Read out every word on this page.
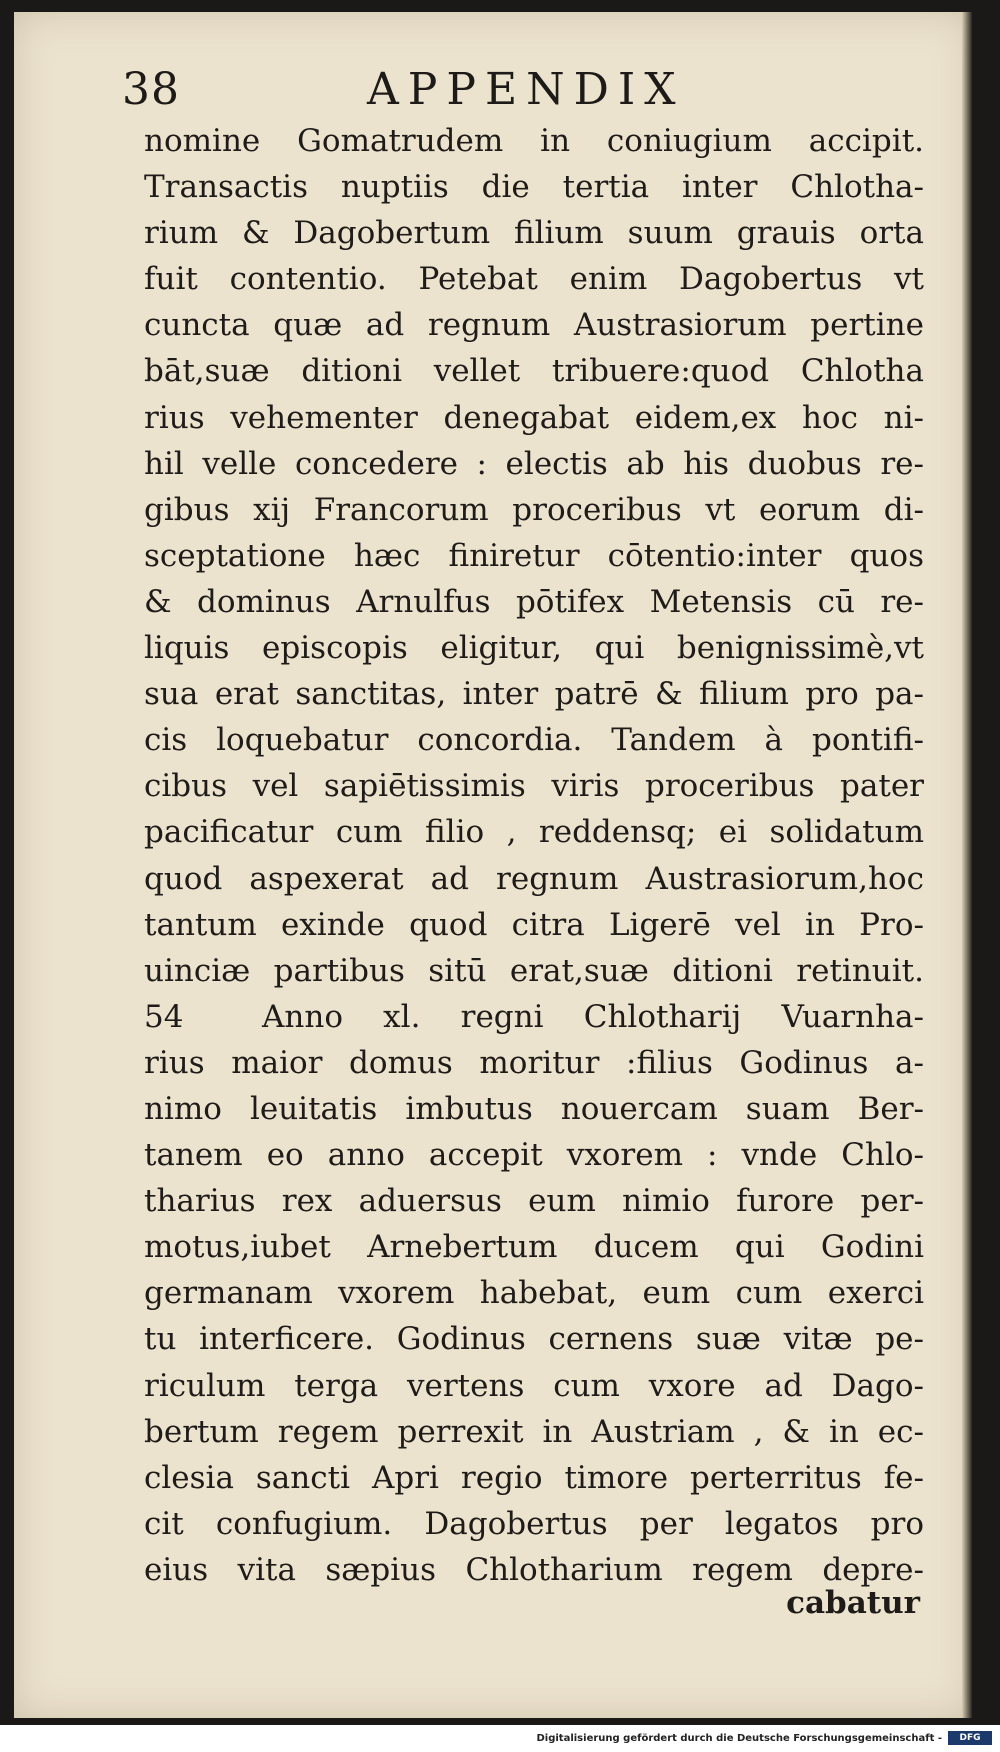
38	APPENDIX
nomine Gomatrudem in coniugium accipit.
Transactis nuptiis die tertia inter Chlotha-
rium & Dagobertum filium suum grauis orta
fuit contentio. Petebat enim Dagobertus vt
cuncta quæ ad regnum Austrasiorum pertine
bāt,suæ ditioni vellet tribuere:quod Chlotha
rius vehementer denegabat eidem,ex hoc ni-
hil velle concedere : electis ab his duobus re-
gibus xij Francorum proceribus vt eorum di-
sceptatione hæc finiretur cōtentio:inter quos
& dominus Arnulfus pōtifex Metensis cū re-
liquis episcopis eligitur, qui benignissimè,vt
sua erat sanctitas, inter patrē & filium pro pa-
cis loquebatur concordia. Tandem à pontifi-
cibus vel sapiētissimis viris proceribus pater
pacificatur cum filio , reddensq; ei solidatum
quod aspexerat ad regnum Austrasiorum,hoc
tantum exinde quod citra Ligerē vel in Pro-
uinciæ partibus sitū erat,suæ ditioni retinuit.
54	Anno xl. regni Chlotharij Vuarnha-
rius maior domus moritur :filius Godinus a-
nimo leuitatis imbutus nouercam suam Ber-
tanem eo anno accepit vxorem : vnde Chlo-
tharius rex aduersus eum nimio furore per-
motus,iubet Arnebertum ducem qui Godini
germanam vxorem habebat, eum cum exerci
tu interficere. Godinus cernens suæ vitæ pe-
riculum terga vertens cum vxore ad Dago-
bertum regem perrexit in Austriam , & in ec-
clesia sancti Apri regio timore perterritus fe-
cit confugium. Dagobertus per legatos pro
eius vita sæpius Chlotharium regem depre-
cabatur
Digitalisierung gefördert durch die Deutsche Forschungsgemeinschaft -	DFG
